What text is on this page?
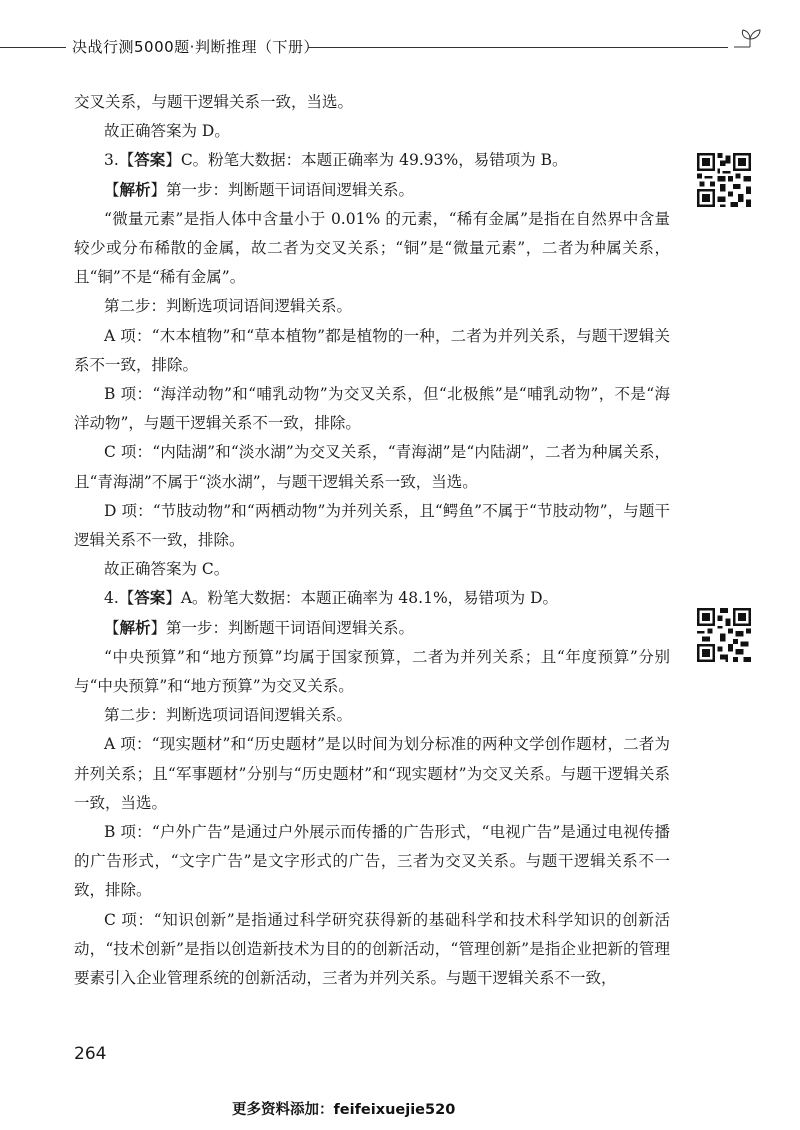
决战行测5000题·判断推理（下册）

交叉关系，与题干逻辑关系一致，当选。

故正确答案为 D。

3.【答案】C。粉笔大数据：本题正确率为 49.93%，易错项为 B。

【解析】第一步：判断题干词语间逻辑关系。

“微量元素”是指人体中含量小于 0.01% 的元素，“稀有金属”是指在自然界中含量较少或分布稀散的金属，故二者为交叉关系；“铜”是“微量元素”，二者为种属关系，且“铜”不是“稀有金属”。

第二步：判断选项词语间逻辑关系。

A 项：“木本植物”和“草本植物”都是植物的一种，二者为并列关系，与题干逻辑关系不一致，排除。

B 项：“海洋动物”和“哺乳动物”为交叉关系，但“北极熊”是“哺乳动物”，不是“海洋动物”，与题干逻辑关系不一致，排除。

C 项：“内陆湖”和“淡水湖”为交叉关系，“青海湖”是“内陆湖”，二者为种属关系，且“青海湖”不属于“淡水湖”，与题干逻辑关系一致，当选。

D 项：“节肢动物”和“两栖动物”为并列关系，且“鳄鱼”不属于“节肢动物”，与题干逻辑关系不一致，排除。

故正确答案为 C。

4.【答案】A。粉笔大数据：本题正确率为 48.1%，易错项为 D。

【解析】第一步：判断题干词语间逻辑关系。

“中央预算”和“地方预算”均属于国家预算，二者为并列关系；且“年度预算”分别与“中央预算”和“地方预算”为交叉关系。

第二步：判断选项词语间逻辑关系。

A 项：“现实题材”和“历史题材”是以时间为划分标准的两种文学创作题材，二者为并列关系；且“军事题材”分别与“历史题材”和“现实题材”为交叉关系。与题干逻辑关系一致，当选。

B 项：“户外广告”是通过户外展示而传播的广告形式，“电视广告”是通过电视传播的广告形式，“文字广告”是文字形式的广告，三者为交叉关系。与题干逻辑关系不一致，排除。

C 项：“知识创新”是指通过科学研究获得新的基础科学和技术科学知识的创新活动，“技术创新”是指以创造新技术为目的的创新活动，“管理创新”是指企业把新的管理要素引入企业管理系统的创新活动，三者为并列关系。与题干逻辑关系不一致，

264
更多资料添加：feifeixuejie520
